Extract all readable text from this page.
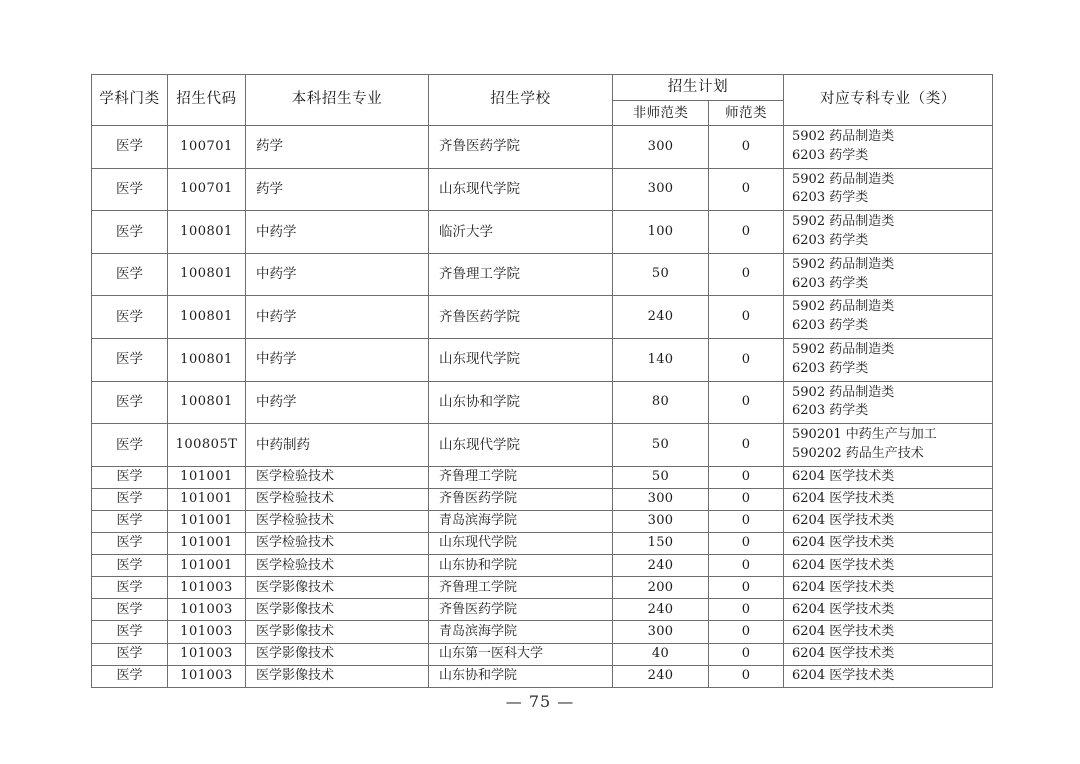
学科门类	招生代码	本科招生专业	招生学校	招生计划		对应专科专业（类）
				非师范类	师范类	
医学	100701	药学	齐鲁医药学院	300	0	5902 药品制造类
6203 药学类

医学	100701	药学	山东现代学院	300	0	5902 药品制造类
6203 药学类

医学	100801	中药学	临沂大学	100	0	5902 药品制造类
6203 药学类

医学	100801	中药学	齐鲁理工学院	50	0	5902 药品制造类
6203 药学类

医学	100801	中药学	齐鲁医药学院	240	0	5902 药品制造类
6203 药学类

医学	100801	中药学	山东现代学院	140	0	5902 药品制造类
6203 药学类

医学	100801	中药学	山东协和学院	80	0	5902 药品制造类
6203 药学类

医学	100805T	中药制药	山东现代学院	50	0	590201 中药生产与加工
590202 药品生产技术

医学	101001	医学检验技术	齐鲁理工学院	50	0	6204 医学技术类

医学	101001	医学检验技术	齐鲁医药学院	300	0	6204 医学技术类

医学	101001	医学检验技术	青岛滨海学院	300	0	6204 医学技术类

医学	101001	医学检验技术	山东现代学院	150	0	6204 医学技术类

医学	101001	医学检验技术	山东协和学院	240	0	6204 医学技术类

医学	101003	医学影像技术	齐鲁理工学院	200	0	6204 医学技术类

医学	101003	医学影像技术	齐鲁医药学院	240	0	6204 医学技术类

医学	101003	医学影像技术	青岛滨海学院	300	0	6204 医学技术类

医学	101003	医学影像技术	山东第一医科大学	40	0	6204 医学技术类

医学	101003	医学影像技术	山东协和学院	240	0	6204 医学技术类
— 75 —
